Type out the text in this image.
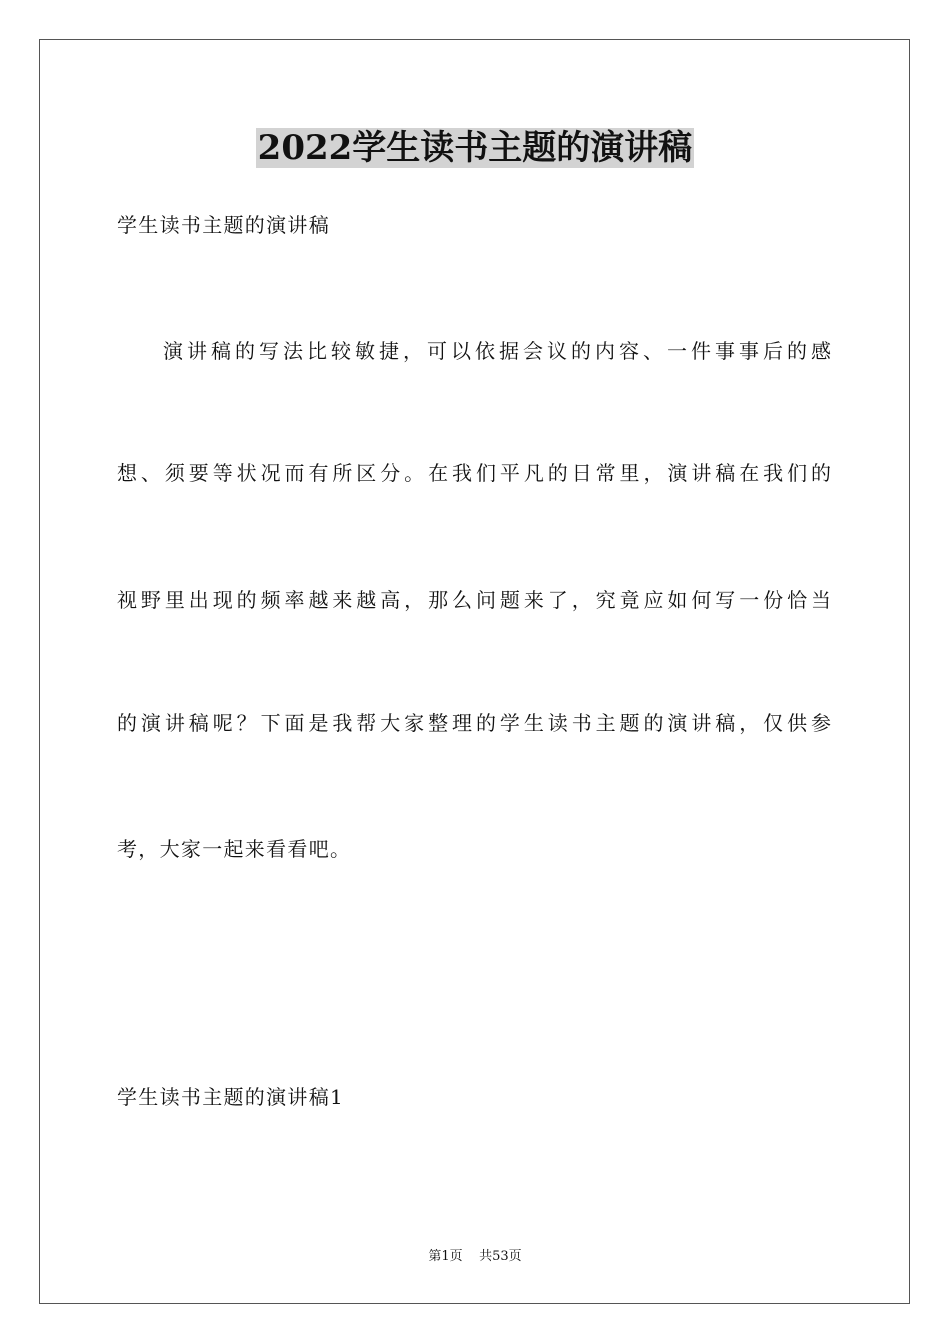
2022学生读书主题的演讲稿
学生读书主题的演讲稿
演讲稿的写法比较敏捷，可以依据会议的内容、一件事事后的感
想、须要等状况而有所区分。在我们平凡的日常里，演讲稿在我们的
视野里出现的频率越来越高，那么问题来了，究竟应如何写一份恰当
的演讲稿呢？下面是我帮大家整理的学生读书主题的演讲稿，仅供参
考，大家一起来看看吧。
学生读书主题的演讲稿1
第1页 共53页
